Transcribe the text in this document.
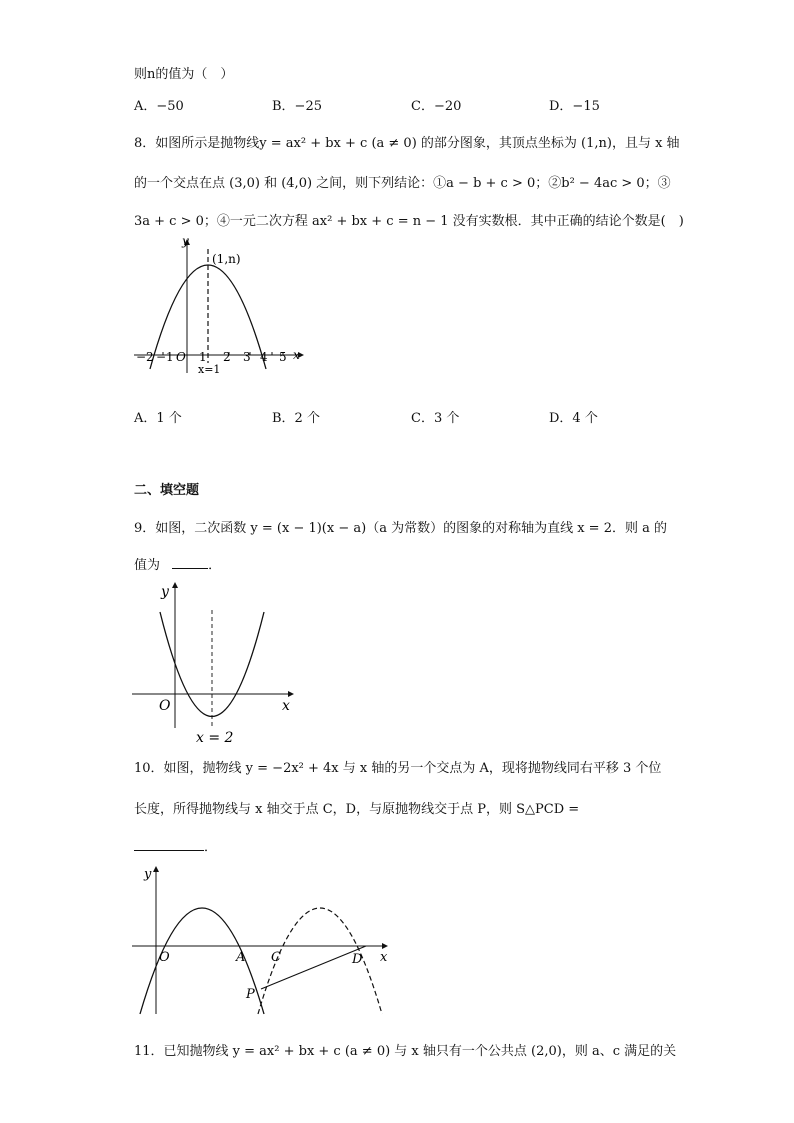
则n的值为（　）
A．−50	B．−25	C．−20	D．−15
8．如图所示是抛物线y = ax² + bx + c (a ≠ 0) 的部分图象，其顶点坐标为 (1,n)，且与 x 轴
的一个交点在点 (3,0) 和 (4,0) 之间，则下列结论：①a − b + c > 0；②b² − 4ac > 0；③
3a + c > 0；④一元二次方程 ax² + bx + c = n − 1 没有实数根．其中正确的结论个数是(　)
y
x
O
(1,n)
x=1
−2 −1 1 2 3 4 5
A．1 个	B．2 个	C．3 个	D．4 个
二、填空题
9．如图，二次函数 y = (x − 1)(x − a)（a 为常数）的图象的对称轴为直线 x = 2．则 a 的
值为	．
y
x
O
x = 2
10．如图，抛物线 y = −2x² + 4x 与 x 轴的另一个交点为 A，现将抛物线同右平移 3 个位
长度，所得抛物线与 x 轴交于点 C，D，与原抛物线交于点 P，则 S△PCD =
．
y
x
O	A C	D
P
11．已知抛物线 y = ax² + bx + c (a ≠ 0) 与 x 轴只有一个公共点 (2,0)，则 a、c 满足的关
